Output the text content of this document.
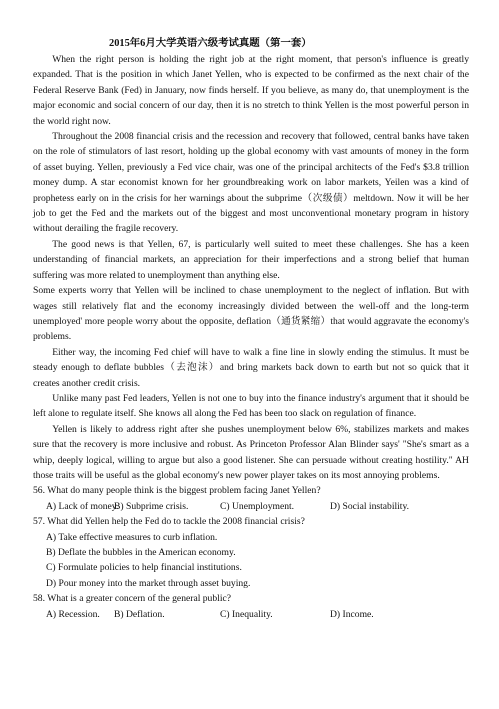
2015年6月大学英语六级考试真题（第一套）

When the right person is holding the right job at the right moment, that person's influence is greatly expanded. That is the position in which Janet Yellen, who is expected to be confirmed as the next chair of the Federal Reserve Bank (Fed) in January, now finds herself. If you believe, as many do, that unemployment is the major economic and social concern of our day, then it is no stretch to think Yellen is the most powerful person in the world right now.

Throughout the 2008 financial crisis and the recession and recovery that followed, central banks have taken on the role of stimulators of last resort, holding up the global economy with vast amounts of money in the form of asset buying. Yellen, previously a Fed vice chair, was one of the principal architects of the Fed's $3.8 trillion money dump. A star economist known for her groundbreaking work on labor markets, Yeilen was a kind of prophetess early on in the crisis for her warnings about the subprime（次级债）meltdown. Now it will be her job to get the Fed and the markets out of the biggest and most unconventional monetary program in history without derailing the fragile recovery.

The good news is that Yellen, 67, is particularly well suited to meet these challenges. She has a keen understanding of financial markets, an appreciation for their imperfections and a strong belief that human suffering was more related to unemployment than anything else.

Some experts worry that Yellen will be inclined to chase unemployment to the neglect of inflation. But with wages still relatively flat and the economy increasingly divided between the well-off and the long-term unemployed' more people worry about the opposite, deflation（通货紧缩）that would aggravate the economy's problems.

Either way, the incoming Fed chief will have to walk a fine line in slowly ending the stimulus. It must be steady enough to deflate bubbles（去泡沫）and bring markets back down to earth but not so quick that it creates another credit crisis.

Unlike many past Fed leaders, Yellen is not one to buy into the finance industry's argument that it should be left alone to regulate itself. She knows all along the Fed has been too slack on regulation of finance.

Yellen is likely to address right after she pushes unemployment below 6%, stabilizes markets and makes sure that the recovery is more inclusive and robust. As Princeton Professor Alan Blinder says' "She's smart as a whip, deeply logical, willing to argue but also a good listener. She can persuade without creating hostility." AH those traits will be useful as the global economy's new power player takes on its most annoying problems.

56. What do many people think is the biggest problem facing Janet Yellen?
A) Lack of money.
B) Subprime crisis.	C) Unemployment.	D) Social instability.
57. What did Yellen help the Fed do to tackle the 2008 financial crisis?
A) Take effective measures to curb inflation.
B) Deflate the bubbles in the American economy.
C) Formulate policies to help financial institutions.
D) Pour money into the market through asset buying.
58. What is a greater concern of the general public?
A) Recession.	B) Deflation.	C) Inequality.	D) Income.
